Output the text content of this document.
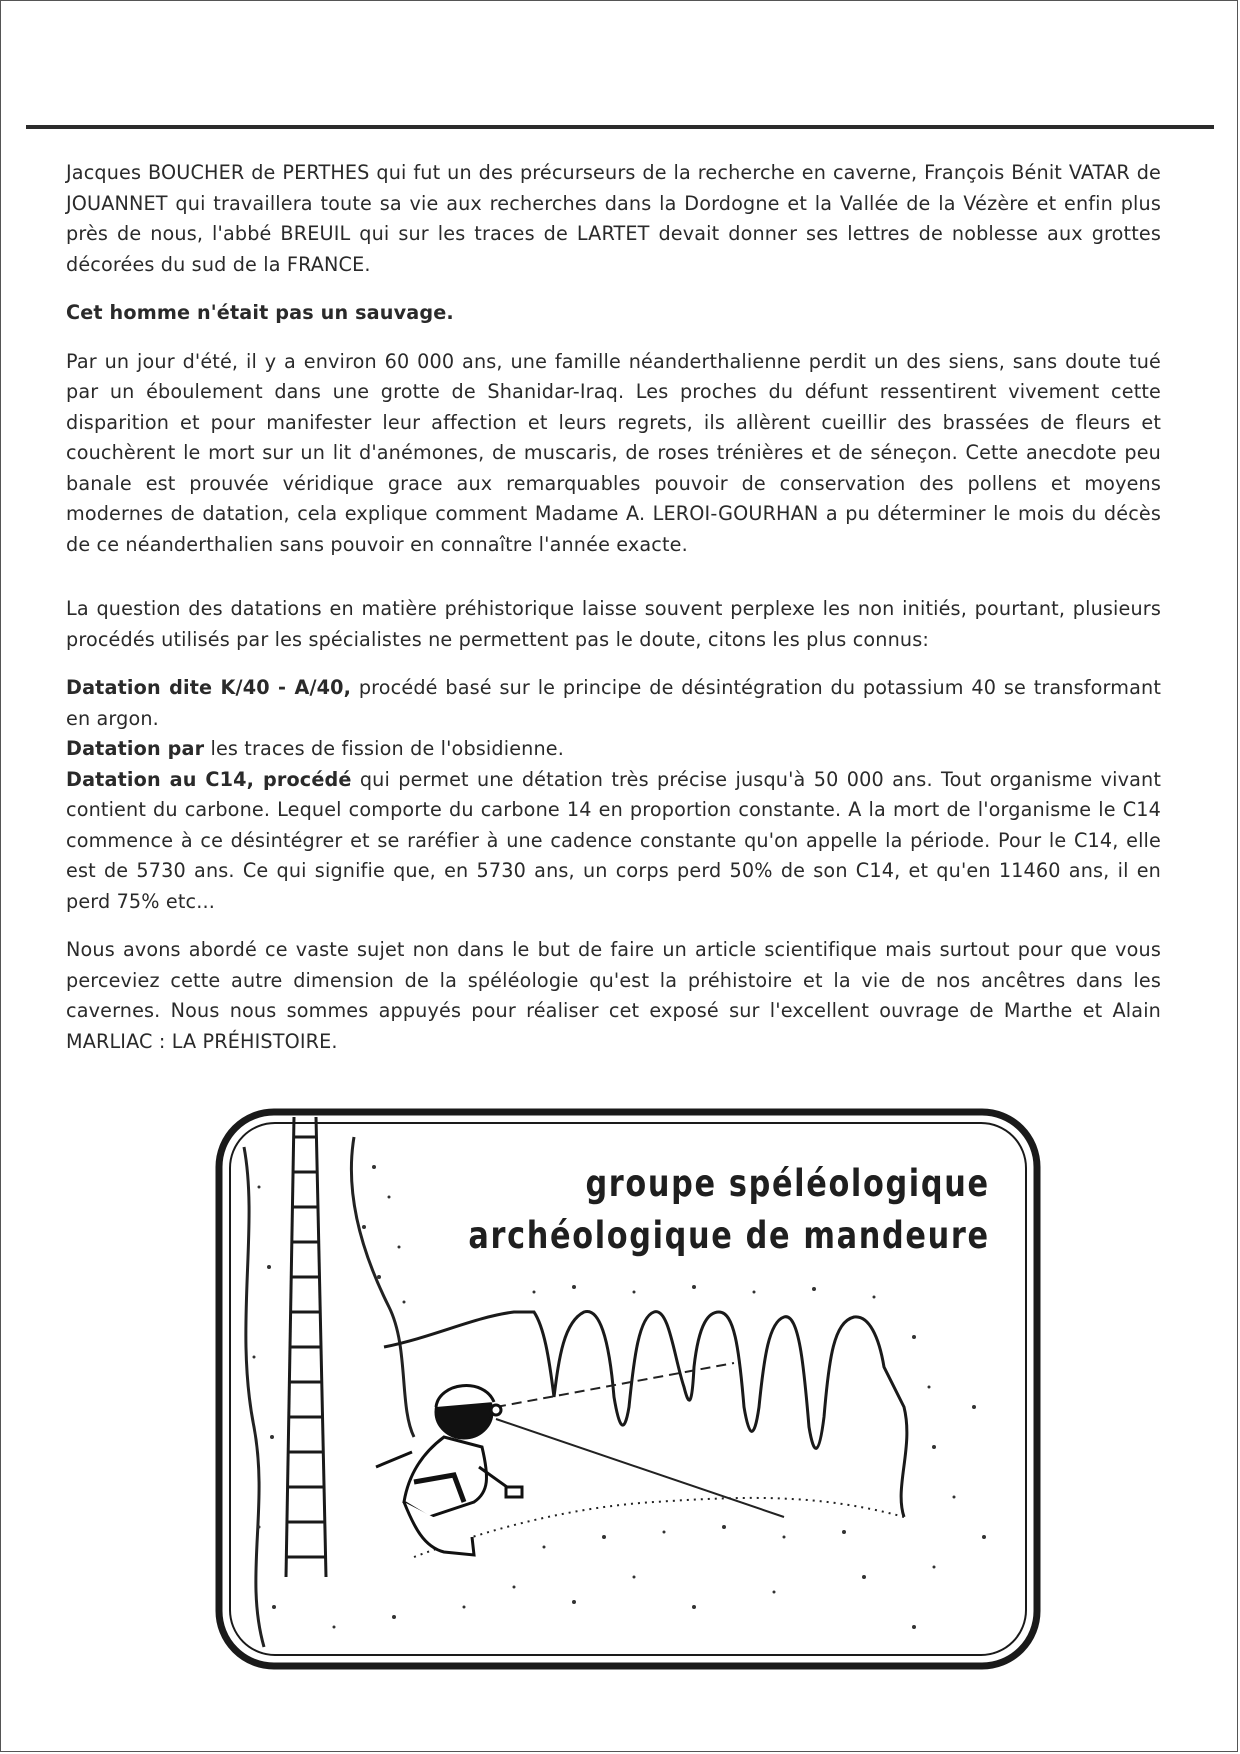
Jacques BOUCHER de PERTHES qui fut un des précurseurs de la recherche en caverne, François Bénit VATAR de JOUANNET qui travaillera toute sa vie aux recherches dans la Dordogne et la Vallée de la Vézère et enfin plus près de nous, l'abbé BREUIL qui sur les traces de LARTET devait donner ses lettres de noblesse aux grottes décorées du sud de la FRANCE.

Cet homme n'était pas un sauvage.

Par un jour d'été, il y a environ 60 000 ans, une famille néanderthalienne perdit un des siens, sans doute tué par un éboulement dans une grotte de Shanidar-Iraq. Les proches du défunt ressentirent vivement cette disparition et pour manifester leur affection et leurs regrets, ils allèrent cueillir des brassées de fleurs et couchèrent le mort sur un lit d'anémones, de muscaris, de roses trénières et de séneçon. Cette anecdote peu banale est prouvée véridique grace aux remarquables pouvoir de conservation des pollens et moyens modernes de datation, cela explique comment Madame A. LEROI-GOURHAN a pu déterminer le mois du décès de ce néanderthalien sans pouvoir en connaître l'année exacte.

La question des datations en matière préhistorique laisse souvent perplexe les non initiés, pourtant, plusieurs procédés utilisés par les spécialistes ne permettent pas le doute, citons les plus connus:

Datation dite K/40 - A/40, procédé basé sur le principe de désintégration du potassium 40 se transformant en argon.

Datation par les traces de fission de l'obsidienne.

Datation au C14, procédé qui permet une détation très précise jusqu'à 50 000 ans. Tout organisme vivant contient du carbone. Lequel comporte du carbone 14 en proportion constante. A la mort de l'organisme le C14 commence à ce désintégrer et se raréfier à une cadence constante qu'on appelle la période. Pour le C14, elle est de 5730 ans. Ce qui signifie que, en 5730 ans, un corps perd 50% de son C14, et qu'en 11460 ans, il en perd 75% etc...

Nous avons abordé ce vaste sujet non dans le but de faire un article scientifique mais surtout pour que vous perceviez cette autre dimension de la spéléologie qu'est la préhistoire et la vie de nos ancêtres dans les cavernes. Nous nous sommes appuyés pour réaliser cet exposé sur l'excellent ouvrage de Marthe et Alain MARLIAC : LA PRÉHISTOIRE.

groupe spéléologique
archéologique de mandeure
